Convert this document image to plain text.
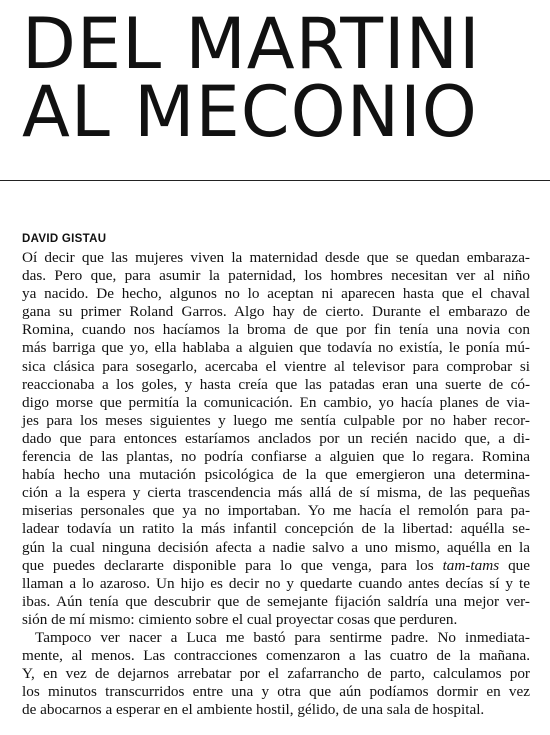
DEL MARTINI
AL MECONIO
DAVID GISTAU
Oí decir que las mujeres viven la maternidad desde que se quedan embaraza-
das. Pero que, para asumir la paternidad, los hombres necesitan ver al niño
ya nacido. De hecho, algunos no lo aceptan ni aparecen hasta que el chaval
gana su primer Roland Garros. Algo hay de cierto. Durante el embarazo de
Romina, cuando nos hacíamos la broma de que por fin tenía una novia con
más barriga que yo, ella hablaba a alguien que todavía no existía, le ponía mú-
sica clásica para sosegarlo, acercaba el vientre al televisor para comprobar si
reaccionaba a los goles, y hasta creía que las patadas eran una suerte de có-
digo morse que permitía la comunicación. En cambio, yo hacía planes de via-
jes para los meses siguientes y luego me sentía culpable por no haber recor-
dado que para entonces estaríamos anclados por un recién nacido que, a di-
ferencia de las plantas, no podría confiarse a alguien que lo regara. Romina
había hecho una mutación psicológica de la que emergieron una determina-
ción a la espera y cierta trascendencia más allá de sí misma, de las pequeñas
miserias personales que ya no importaban. Yo me hacía el remolón para pa-
ladear todavía un ratito la más infantil concepción de la libertad: aquélla se-
gún la cual ninguna decisión afecta a nadie salvo a uno mismo, aquélla en la
que puedes declararte disponible para lo que venga, para los tam-tams que
llaman a lo azaroso. Un hijo es decir no y quedarte cuando antes decías sí y te
ibas. Aún tenía que descubrir que de semejante fijación saldría una mejor ver-
sión de mí mismo: cimiento sobre el cual proyectar cosas que perduren.
Tampoco ver nacer a Luca me bastó para sentirme padre. No inmediata-
mente, al menos. Las contracciones comenzaron a las cuatro de la mañana.
Y, en vez de dejarnos arrebatar por el zafarrancho de parto, calculamos por
los minutos transcurridos entre una y otra que aún podíamos dormir en vez
de abocarnos a esperar en el ambiente hostil, gélido, de una sala de hospital.
